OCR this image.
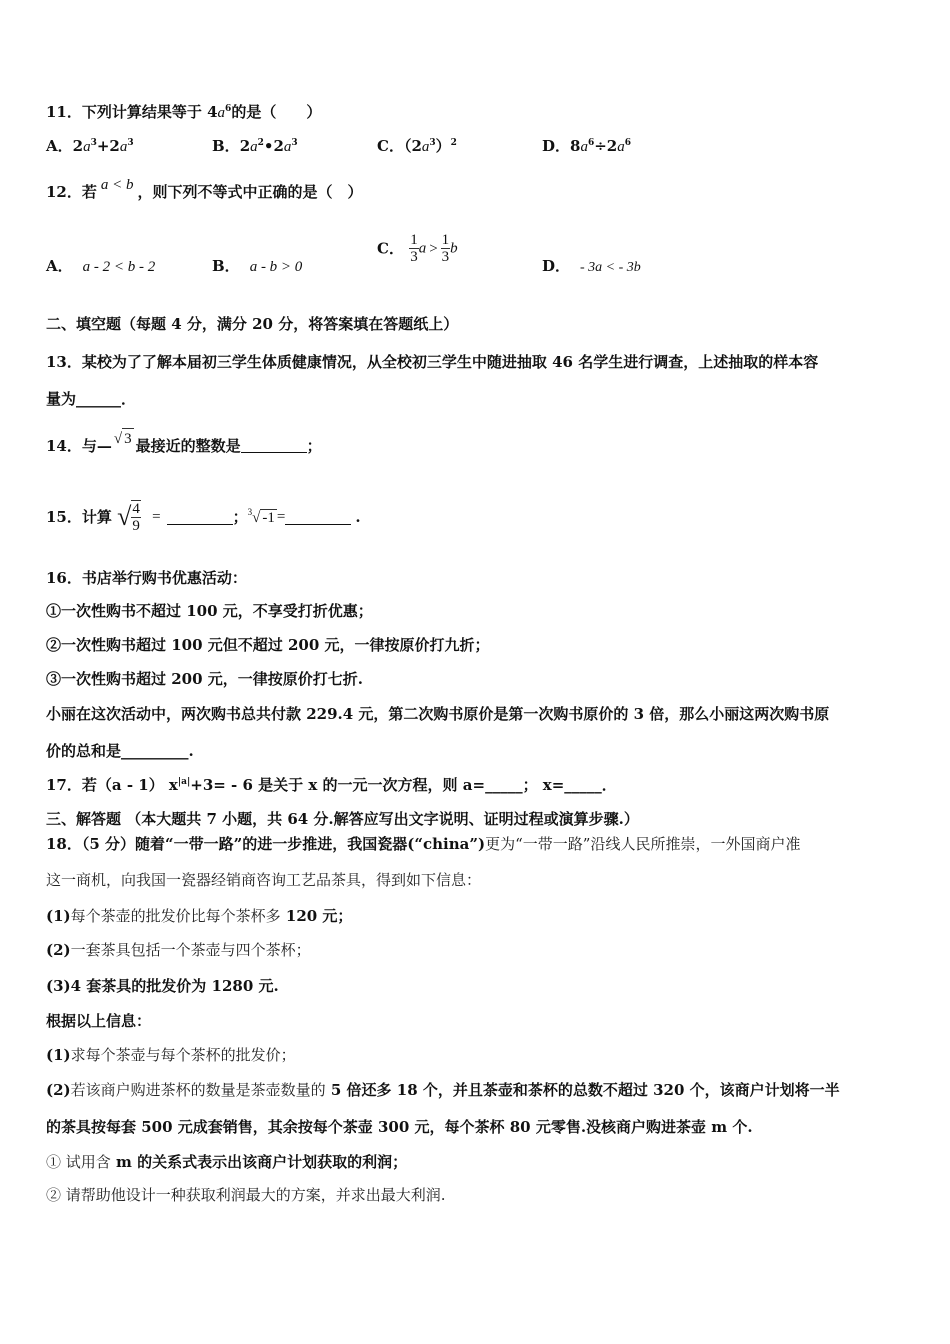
11．下列计算结果等于 $4a^6$的是（　　）
A．$2a^3+2a^3$	B．$2a^2•2a^3$	C．$(2a^3)^2$	D．$8a^6\div 2a^6$
12．若 a < b ，则下列不等式中正确的是（　）
A． a - 2 < b - 2	B． a - b > 0
C． $\frac{1}{3}$ $a > \frac{1}{3}$ b
D． - 3a < - 3b
二、填空题（每题 4 分，满分 20 分，将答案填在答题纸上）
13．某校为了了解本届初三学生体质健康情况，从全校初三学生中随进抽取 46 名学生进行调查，上述抽取的样本容
量为______．
14．与— √ 3 最接近的整数是	；
15．计算 √ $\frac{4}{9}$ =	；$^3$√ -1 =	.
16．书店举行购书优惠活动：
①一次性购书不超过 100 元，不享受打折优惠；
②一次性购书超过 100 元但不超过 200 元，一律按原价打九折；
③一次性购书超过 200 元，一律按原价打七折.
小丽在这次活动中，两次购书总共付款 229.4 元，第二次购书原价是第一次购书原价的 3 倍，那么小丽这两次购书原
价的总和是_________.
17．若（a - 1） $x^{|a|}+3= - 6$ 是关于 x 的一元一次方程，则 a=_____； x=_____．
三、解答题 （本大题共 7 小题，共 64 分.解答应写出文字说明、证明过程或演算步骤.）
18．（5 分）随着“一带一路”的进一步推进，我国瓷器(“china”)更为“一带一路”沿线人民所推崇，一外国商户准
这一商机，向我国一瓷器经销商咨询工艺品茶具，得到如下信息：
(1)每个茶壶的批发价比每个茶杯多 120 元；
(2)一套茶具包括一个茶壶与四个茶杯；
(3)4 套茶具的批发价为 1280 元.
根据以上信息：
(1)求每个茶壶与每个茶杯的批发价；
(2)若该商户购进茶杯的数量是茶壶数量的 5 倍还多 18 个，并且茶壶和茶杯的总数不超过 320 个，该商户计划将一半
的茶具按每套 500 元成套销售，其余按每个茶壶 300 元，每个茶杯 80 元零售.没核商户购进茶壶 m 个.
① 试用含 m 的关系式表示出该商户计划获取的利润；
② 请帮助他设计一种获取利润最大的方案，并求出最大利润.
